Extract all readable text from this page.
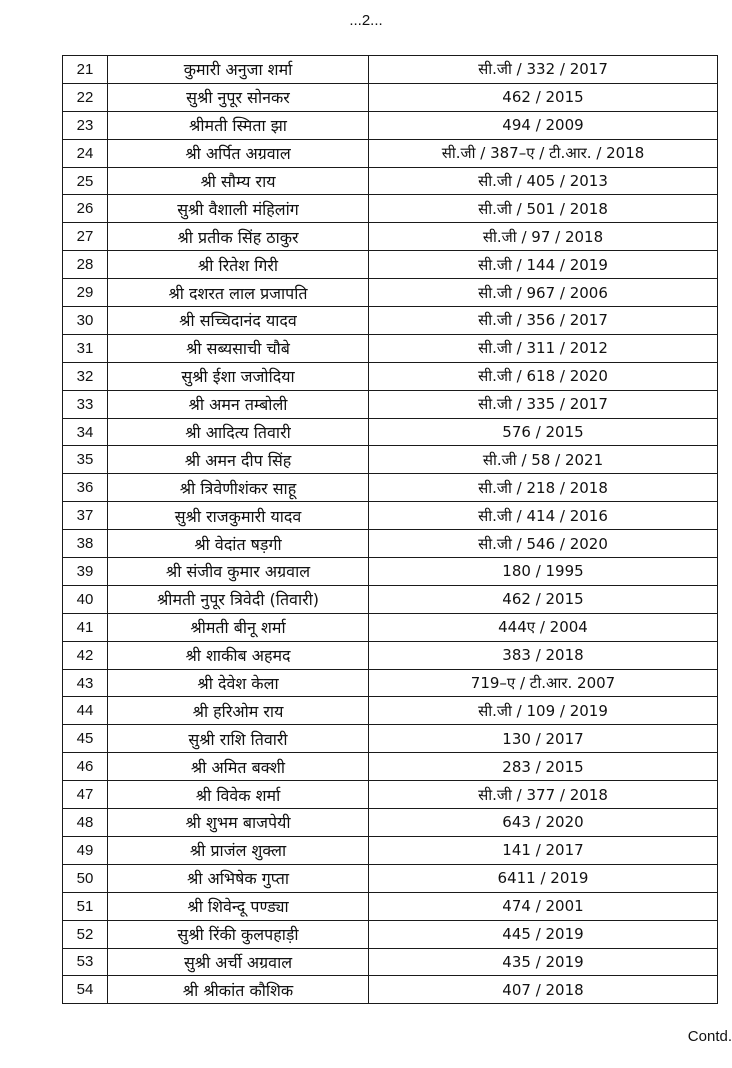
...2...
21	कुमारी अनुजा शर्मा	सी.जी / 332 / 2017
22	सुश्री नुपूर सोनकर	462 / 2015
23	श्रीमती स्मिता झा	494 / 2009
24	श्री अर्पित अग्रवाल	सी.जी / 387–ए / टी.आर. / 2018
25	श्री सौम्य राय	सी.जी / 405 / 2013
26	सुश्री वैशाली मंहिलांग	सी.जी / 501 / 2018
27	श्री प्रतीक सिंह ठाकुर	सी.जी / 97 / 2018
28	श्री रितेश गिरी	सी.जी / 144 / 2019
29	श्री दशरत लाल प्रजापति	सी.जी / 967 / 2006
30	श्री सच्चिदानंद यादव	सी.जी / 356 / 2017
31	श्री सब्यसाची चौबे	सी.जी / 311 / 2012
32	सुश्री ईशा जजोदिया	सी.जी / 618 / 2020
33	श्री अमन तम्बोली	सी.जी / 335 / 2017
34	श्री आदित्य तिवारी	576 / 2015
35	श्री अमन दीप सिंह	सी.जी / 58 / 2021
36	श्री त्रिवेणीशंकर साहू	सी.जी / 218 / 2018
37	सुश्री राजकुमारी यादव	सी.जी / 414 / 2016
38	श्री वेदांत षड़गी	सी.जी / 546 / 2020
39	श्री संजीव कुमार अग्रवाल	180 / 1995
40	श्रीमती नुपूर त्रिवेदी (तिवारी)	462 / 2015
41	श्रीमती बीनू शर्मा	444ए / 2004
42	श्री शाकीब अहमद	383 / 2018
43	श्री देवेश केला	719–ए / टी.आर. 2007
44	श्री हरिओम राय	सी.जी / 109 / 2019
45	सुश्री राशि तिवारी	130 / 2017
46	श्री अमित बक्शी	283 / 2015
47	श्री विवेक शर्मा	सी.जी / 377 / 2018
48	श्री शुभम बाजपेयी	643 / 2020
49	श्री प्राजंल शुक्ला	141 / 2017
50	श्री अभिषेक गुप्ता	6411 / 2019
51	श्री शिवेन्दू पण्ड्या	474 / 2001
52	सुश्री रिंकी कुलपहाड़ी	445 / 2019
53	सुश्री अर्ची अग्रवाल	435 / 2019
54	श्री श्रीकांत कौशिक	407 / 2018
Contd.
